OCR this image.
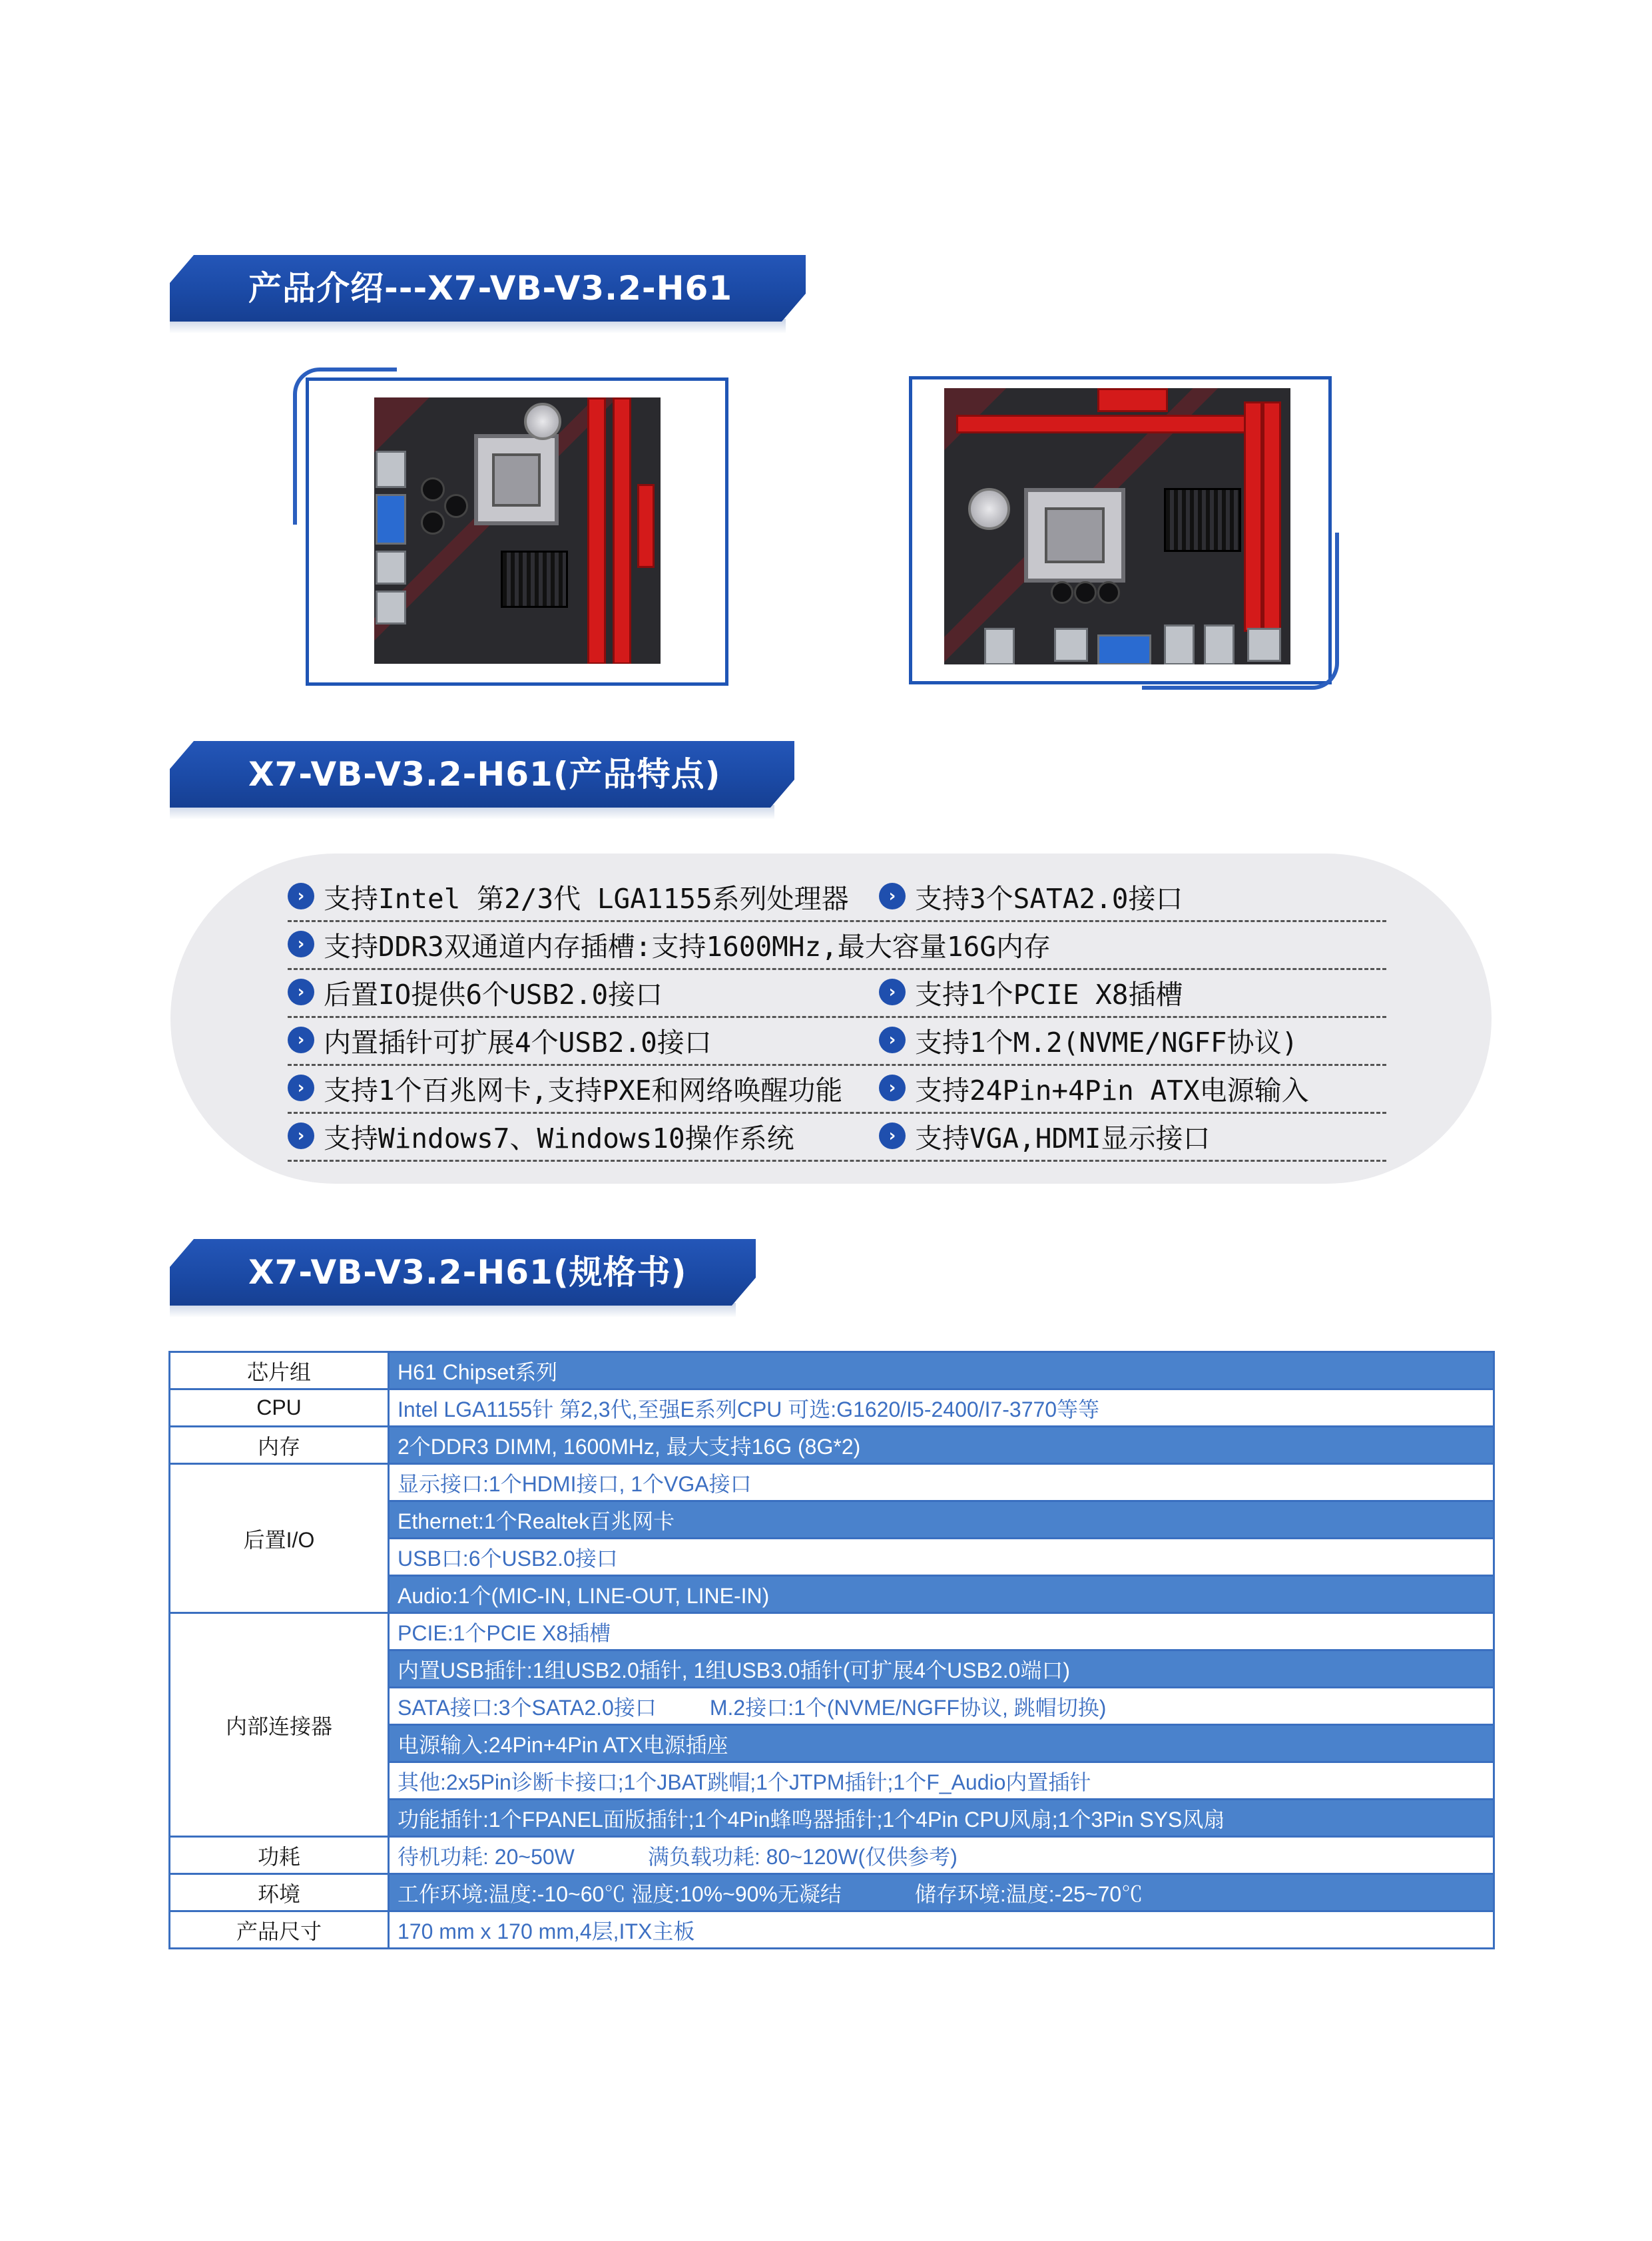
产品介绍---X7-VB-V3.2-H61
X7-VB-V3.2-H61(产品特点)
› 支持Intel 第2/3代 LGA1155系列处理器	› 支持3个SATA2.0接口
› 支持DDR3双通道内存插槽:支持1600MHz,最大容量16G内存
› 后置IO提供6个USB2.0接口	› 支持1个PCIE X8插槽
› 内置插针可扩展4个USB2.0接口	› 支持1个M.2(NVME/NGFF协议)
› 支持1个百兆网卡,支持PXE和网络唤醒功能	› 支持24Pin+4Pin ATX电源输入
› 支持Windows7、Windows10操作系统	› 支持VGA,HDMI显示接口
X7-VB-V3.2-H61(规格书)
芯片组	H61 Chipset系列
CPU	Intel LGA1155针 第2,3代,至强E系列CPU 可选:G1620/I5-2400/I7-3770等等
内存	2个DDR3 DIMM, 1600MHz, 最大支持16G (8G*2)
后置I/O	显示接口:1个HDMI接口, 1个VGA接口
	Ethernet:1个Realtek百兆网卡
	USB口:6个USB2.0接口
	Audio:1个(MIC-IN, LINE-OUT, LINE-IN)
内部连接器	PCIE:1个PCIE X8插槽
	内置USB插针:1组USB2.0插针, 1组USB3.0插针(可扩展4个USB2.0端口)
	SATA接口:3个SATA2.0接口 M.2接口:1个(NVME/NGFF协议, 跳帽切换)
	电源输入:24Pin+4Pin ATX电源插座
	其他:2x5Pin诊断卡接口;1个JBAT跳帽;1个JTPM插针;1个F_Audio内置插针
	功能插针:1个FPANEL面版插针;1个4Pin蜂鸣器插针;1个4Pin CPU风扇;1个3Pin SYS风扇
功耗	待机功耗: 20~50W 满负载功耗: 80~120W(仅供参考)
环境	工作环境:温度:-10~60℃ 湿度:10%~90%无凝结 储存环境:温度:-25~70℃
产品尺寸	170 mm x 170 mm,4层,ITX主板
